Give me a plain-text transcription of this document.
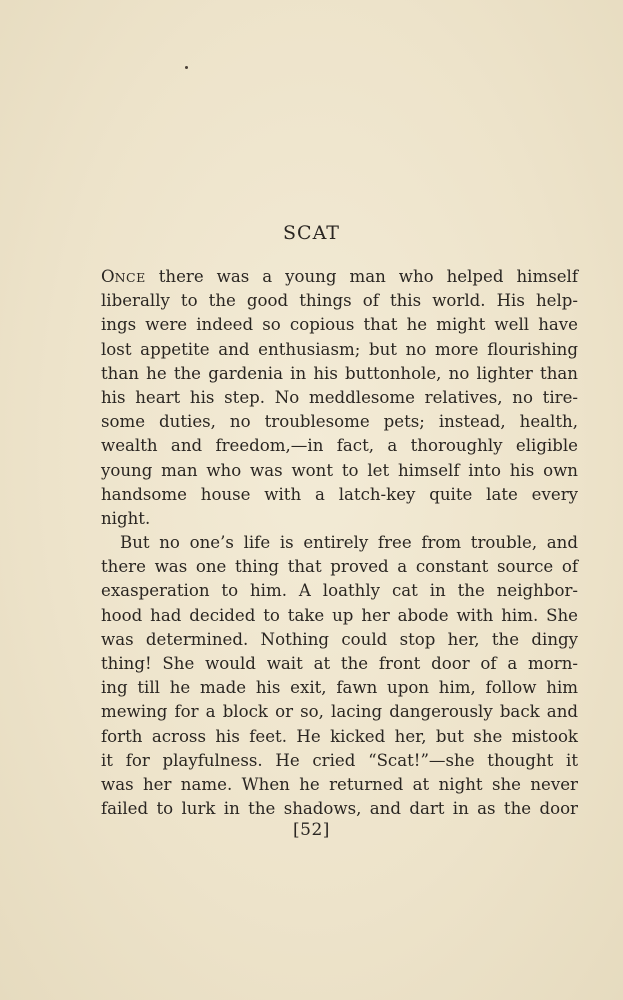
SCAT
ONCE there was a young man who helped himself
liberally to the good things of this world. His help-
ings were indeed so copious that he might well have
lost appetite and enthusiasm; but no more flourishing
than he the gardenia in his buttonhole, no lighter than
his heart his step. No meddlesome relatives, no tire-
some duties, no troublesome pets; instead, health,
wealth and freedom,—in fact, a thoroughly eligible
young man who was wont to let himself into his own
handsome house with a latch-key quite late every
night.
But no one’s life is entirely free from trouble, and
there was one thing that proved a constant source of
exasperation to him. A loathly cat in the neighbor-
hood had decided to take up her abode with him. She
was determined. Nothing could stop her, the dingy
thing! She would wait at the front door of a morn-
ing till he made his exit, fawn upon him, follow him
mewing for a block or so, lacing dangerously back and
forth across his feet. He kicked her, but she mistook
it for playfulness. He cried “Scat!”—she thought it
was her name. When he returned at night she never
failed to lurk in the shadows, and dart in as the door
[52]
